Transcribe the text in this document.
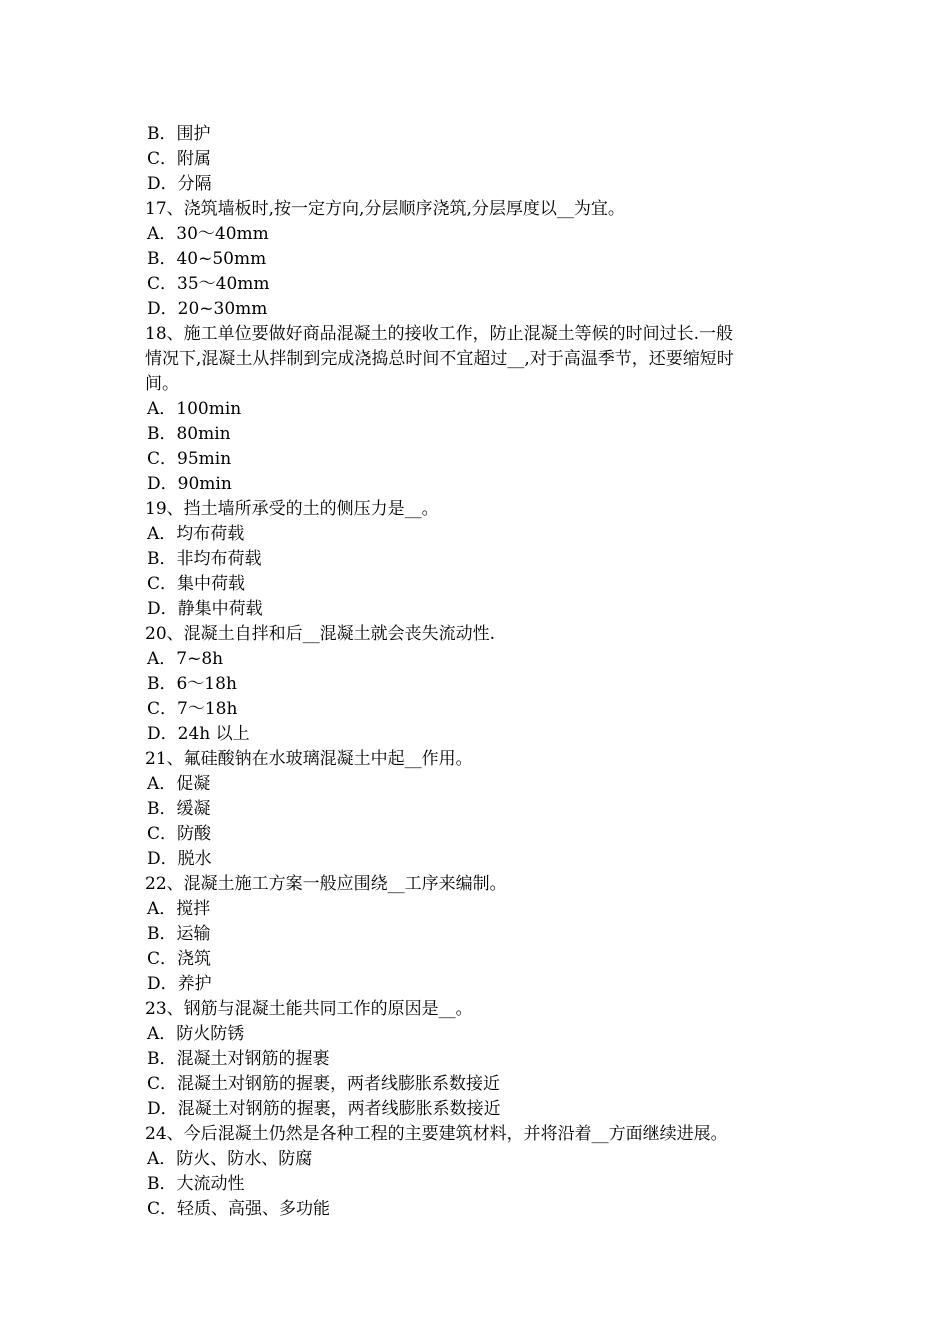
B．围护

C．附属

D．分隔

17、浇筑墙板时,按一定方向,分层顺序浇筑,分层厚度以__为宜。

A．30～40mm

B．40~50mm

C．35～40mm

D．20~30mm

18、施工单位要做好商品混凝土的接收工作，防止混凝土等候的时间过长.一般

情况下,混凝土从拌制到完成浇捣总时间不宜超过__,对于高温季节，还要缩短时

间。

A．100min

B．80min

C．95min

D．90min

19、挡土墙所承受的土的侧压力是__。

A．均布荷载

B．非均布荷载

C．集中荷载

D．静集中荷载

20、混凝土自拌和后__混凝土就会丧失流动性.

A．7~8h

B．6～18h

C．7～18h

D．24h 以上

21、氟硅酸钠在水玻璃混凝土中起__作用。

A．促凝

B．缓凝

C．防酸

D．脱水

22、混凝土施工方案一般应围绕__工序来编制。

A．搅拌

B．运输

C．浇筑

D．养护

23、钢筋与混凝土能共同工作的原因是__。

A．防火防锈

B．混凝土对钢筋的握裹

C．混凝土对钢筋的握裹，两者线膨胀系数接近

D．混凝土对钢筋的握裹，两者线膨胀系数接近

24、今后混凝土仍然是各种工程的主要建筑材料，并将沿着__方面继续进展。

A．防火、防水、防腐

B．大流动性

C．轻质、高强、多功能
